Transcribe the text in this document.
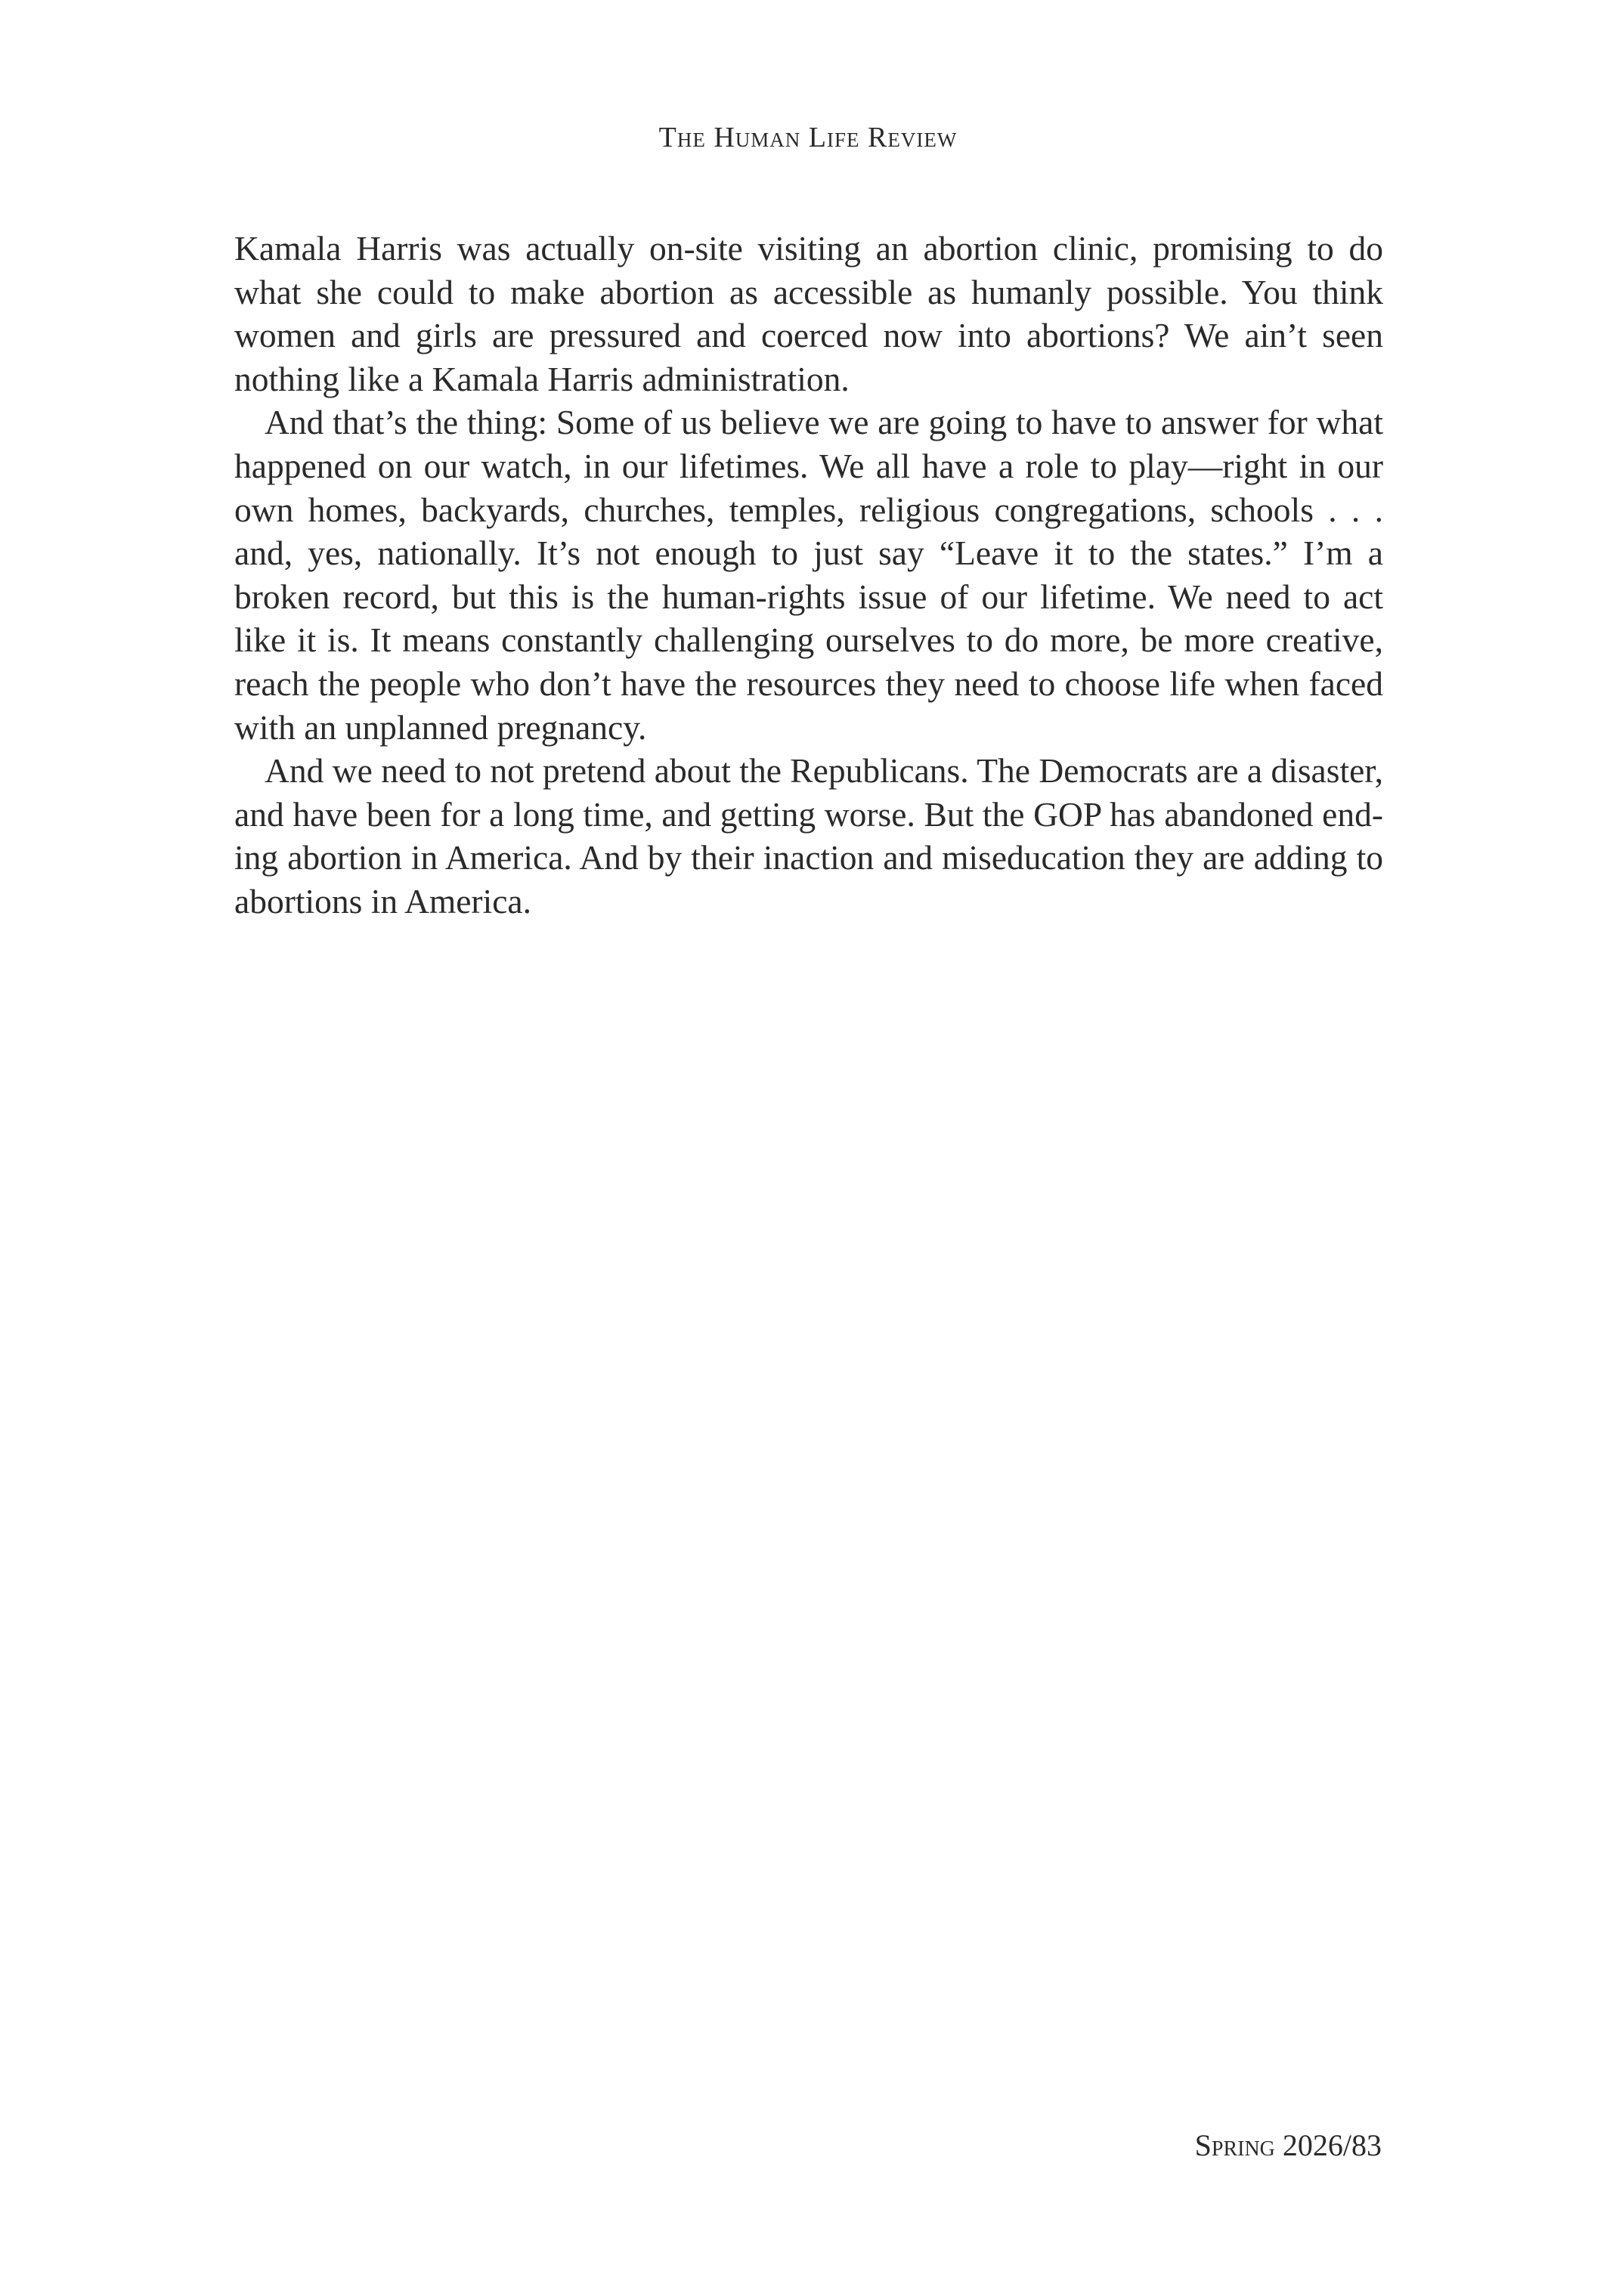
The Human Life Review

Kamala Harris was actually on-site visiting an abortion clinic, promising to do what she could to make abortion as accessible as humanly possible. You think women and girls are pressured and coerced now into abortions? We ain’t seen nothing like a Kamala Harris administration.

And that’s the thing: Some of us believe we are going to have to answer for what happened on our watch, in our lifetimes. We all have a role to play—right in our own homes, backyards, churches, temples, religious congregations, schools . . . and, yes, nationally. It’s not enough to just say “Leave it to the states.” I’m a broken record, but this is the human-rights issue of our lifetime. We need to act like it is. It means constantly challenging ourselves to do more, be more creative, reach the people who don’t have the resources they need to choose life when faced with an unplanned pregnancy.

And we need to not pretend about the Republicans. The Democrats are a disaster, and have been for a long time, and getting worse. But the GOP has abandoned ending abortion in America. And by their inaction and miseducation they are adding to abortions in America.

Spring 2026/83
